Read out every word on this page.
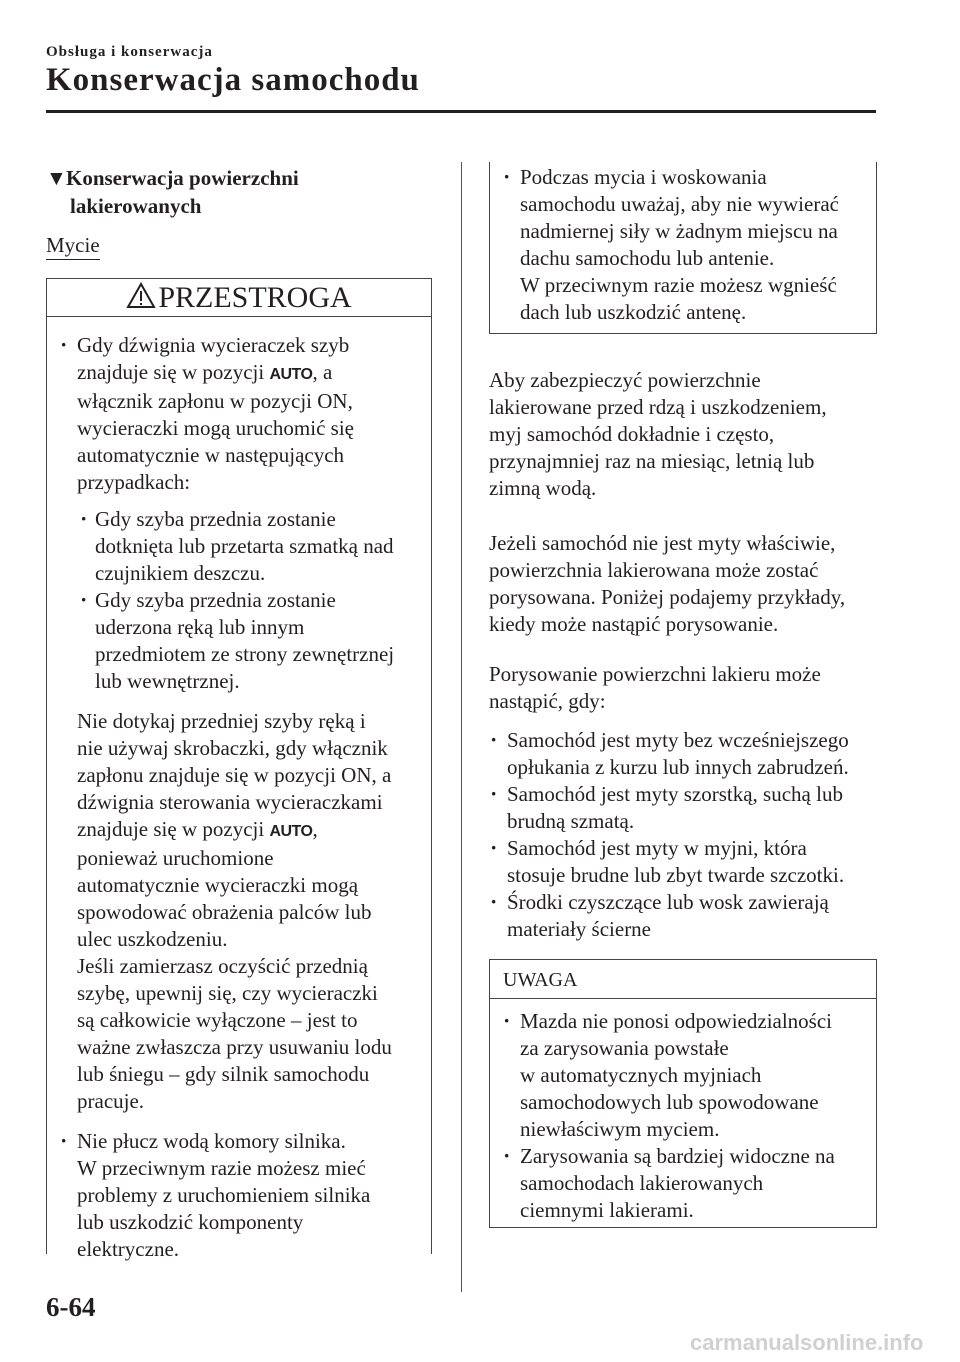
Obsługa i konserwacja
Konserwacja samochodu
▼Konserwacja powierzchni
lakierowanych
Mycie
PRZESTROGA
· Gdy dźwignia wycieraczek szyb
znajduje się w pozycji AUTO, a
włącznik zapłonu w pozycji ON,
wycieraczki mogą uruchomić się
automatycznie w następujących
przypadkach:
· Gdy szyba przednia zostanie
dotknięta lub przetarta szmatką nad
czujnikiem deszczu.
· Gdy szyba przednia zostanie
uderzona ręką lub innym
przedmiotem ze strony zewnętrznej
lub wewnętrznej.
Nie dotykaj przedniej szyby ręką i
nie używaj skrobaczki, gdy włącznik
zapłonu znajduje się w pozycji ON, a
dźwignia sterowania wycieraczkami
znajduje się w pozycji AUTO,
ponieważ uruchomione
automatycznie wycieraczki mogą
spowodować obrażenia palców lub
ulec uszkodzeniu.
Jeśli zamierzasz oczyścić przednią
szybę, upewnij się, czy wycieraczki
są całkowicie wyłączone – jest to
ważne zwłaszcza przy usuwaniu lodu
lub śniegu – gdy silnik samochodu
pracuje.
· Nie płucz wodą komory silnika.
W przeciwnym razie możesz mieć
problemy z uruchomieniem silnika
lub uszkodzić komponenty
elektryczne.
· Podczas mycia i woskowania
samochodu uważaj, aby nie wywierać
nadmiernej siły w żadnym miejscu na
dachu samochodu lub antenie.
W przeciwnym razie możesz wgnieść
dach lub uszkodzić antenę.
Aby zabezpieczyć powierzchnie
lakierowane przed rdzą i uszkodzeniem,
myj samochód dokładnie i często,
przynajmniej raz na miesiąc, letnią lub
zimną wodą.
Jeżeli samochód nie jest myty właściwie,
powierzchnia lakierowana może zostać
porysowana. Poniżej podajemy przykłady,
kiedy może nastąpić porysowanie.
Porysowanie powierzchni lakieru może
nastąpić, gdy:
· Samochód jest myty bez wcześniejszego
opłukania z kurzu lub innych zabrudzeń.
· Samochód jest myty szorstką, suchą lub
brudną szmatą.
· Samochód jest myty w myjni, która
stosuje brudne lub zbyt twarde szczotki.
· Środki czyszczące lub wosk zawierają
materiały ścierne
UWAGA
· Mazda nie ponosi odpowiedzialności
za zarysowania powstałe
w automatycznych myjniach
samochodowych lub spowodowane
niewłaściwym myciem.
· Zarysowania są bardziej widoczne na
samochodach lakierowanych
ciemnymi lakierami.
6-64
carmanualsonline.info
